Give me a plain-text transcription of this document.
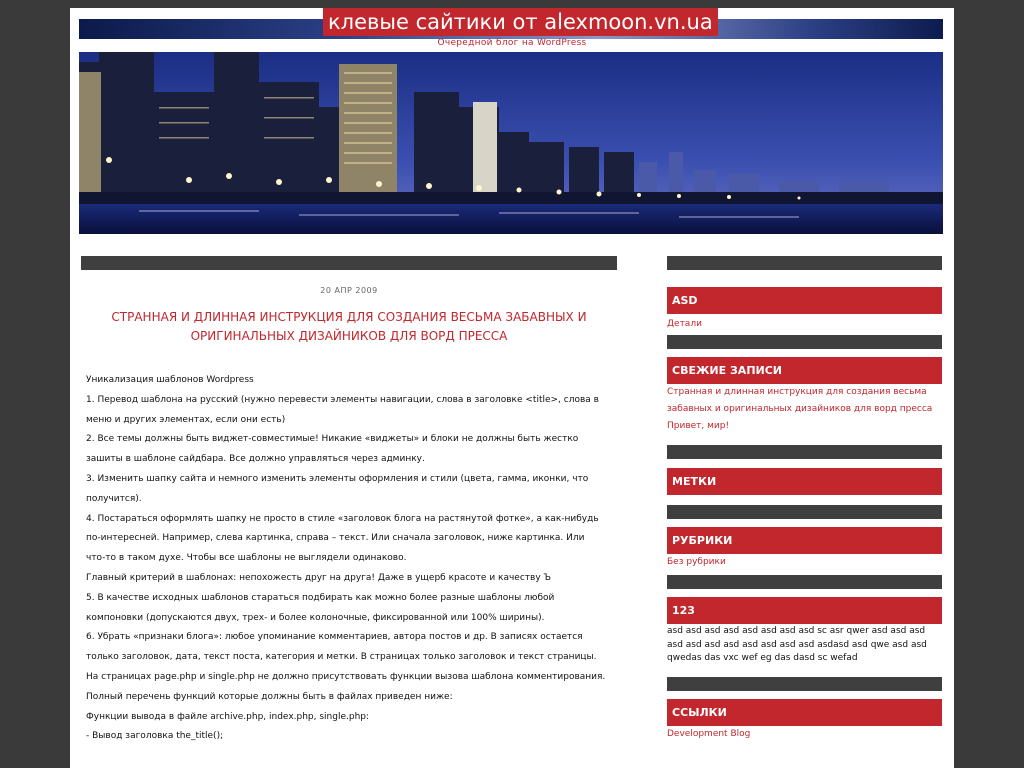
клевые сайтики от alexmoon.vn.ua
Очередной блог на WordPress
20 АПР 2009
СТРАННАЯ И ДЛИННАЯ ИНСТРУКЦИЯ ДЛЯ СОЗДАНИЯ ВЕСЬМА ЗАБАВНЫХ И ОРИГИНАЛЬНЫХ ДИЗАЙНИКОВ ДЛЯ ВОРД ПРЕССА

Уникализация шаблонов Wordpress

1. Перевод шаблона на русский (нужно перевести элементы навигации, слова в заголовке <title>, слова в меню и других элементах, если они есть)

2. Все темы должны быть виджет-совместимые! Никакие «виджеты» и блоки не должны быть жестко зашиты в шаблоне сайдбара. Все должно управляться через админку.

3. Изменить шапку сайта и немного изменить элементы оформления и стили (цвета, гамма, иконки, что получится).

4. Постараться оформлять шапку не просто в стиле «заголовок блога на растянутой фотке», а как-нибудь по-интересней. Например, слева картинка, справа – текст. Или сначала заголовок, ниже картинка. Или что-то в таком духе. Чтобы все шаблоны не выглядели одинаково.

Главный критерий в шаблонах: непохожесть друг на друга! Даже в ущерб красоте и качеству Ъ

5. В качестве исходных шаблонов стараться подбирать как можно более разные шаблоны любой компоновки (допускаются двух, трех- и более колоночные, фиксированной или 100% ширины).

6. Убрать «признаки блога»: любое упоминание комментариев, автора постов и др. В записях остается только заголовок, дата, текст поста, категория и метки. В страницах только заголовок и текст страницы. На страницах page.php и single.php не должно присутствовать функции вызова шаблона комментирования.

Полный перечень функций которые должны быть в файлах приведен ниже:

Функции вывода в файле archive.php, index.php, single.php:

- Вывод заголовка the_title();

ASD
Детали
СВЕЖИЕ ЗАПИСИ
Странная и длинная инструкция для создания весьма забавных и оригинальных дизайников для ворд пресса
Привет, мир!
МЕТКИ
РУБРИКИ
Без рубрики
123
asd asd asd asd asd asd asd asd sc asr qwer asd asd asd asd asd asd asd asd asd asd asd asdasd asd qwe asd asd qwedas das vxc wef eg das dasd sc wefad
ССЫЛКИ
Development Blog
